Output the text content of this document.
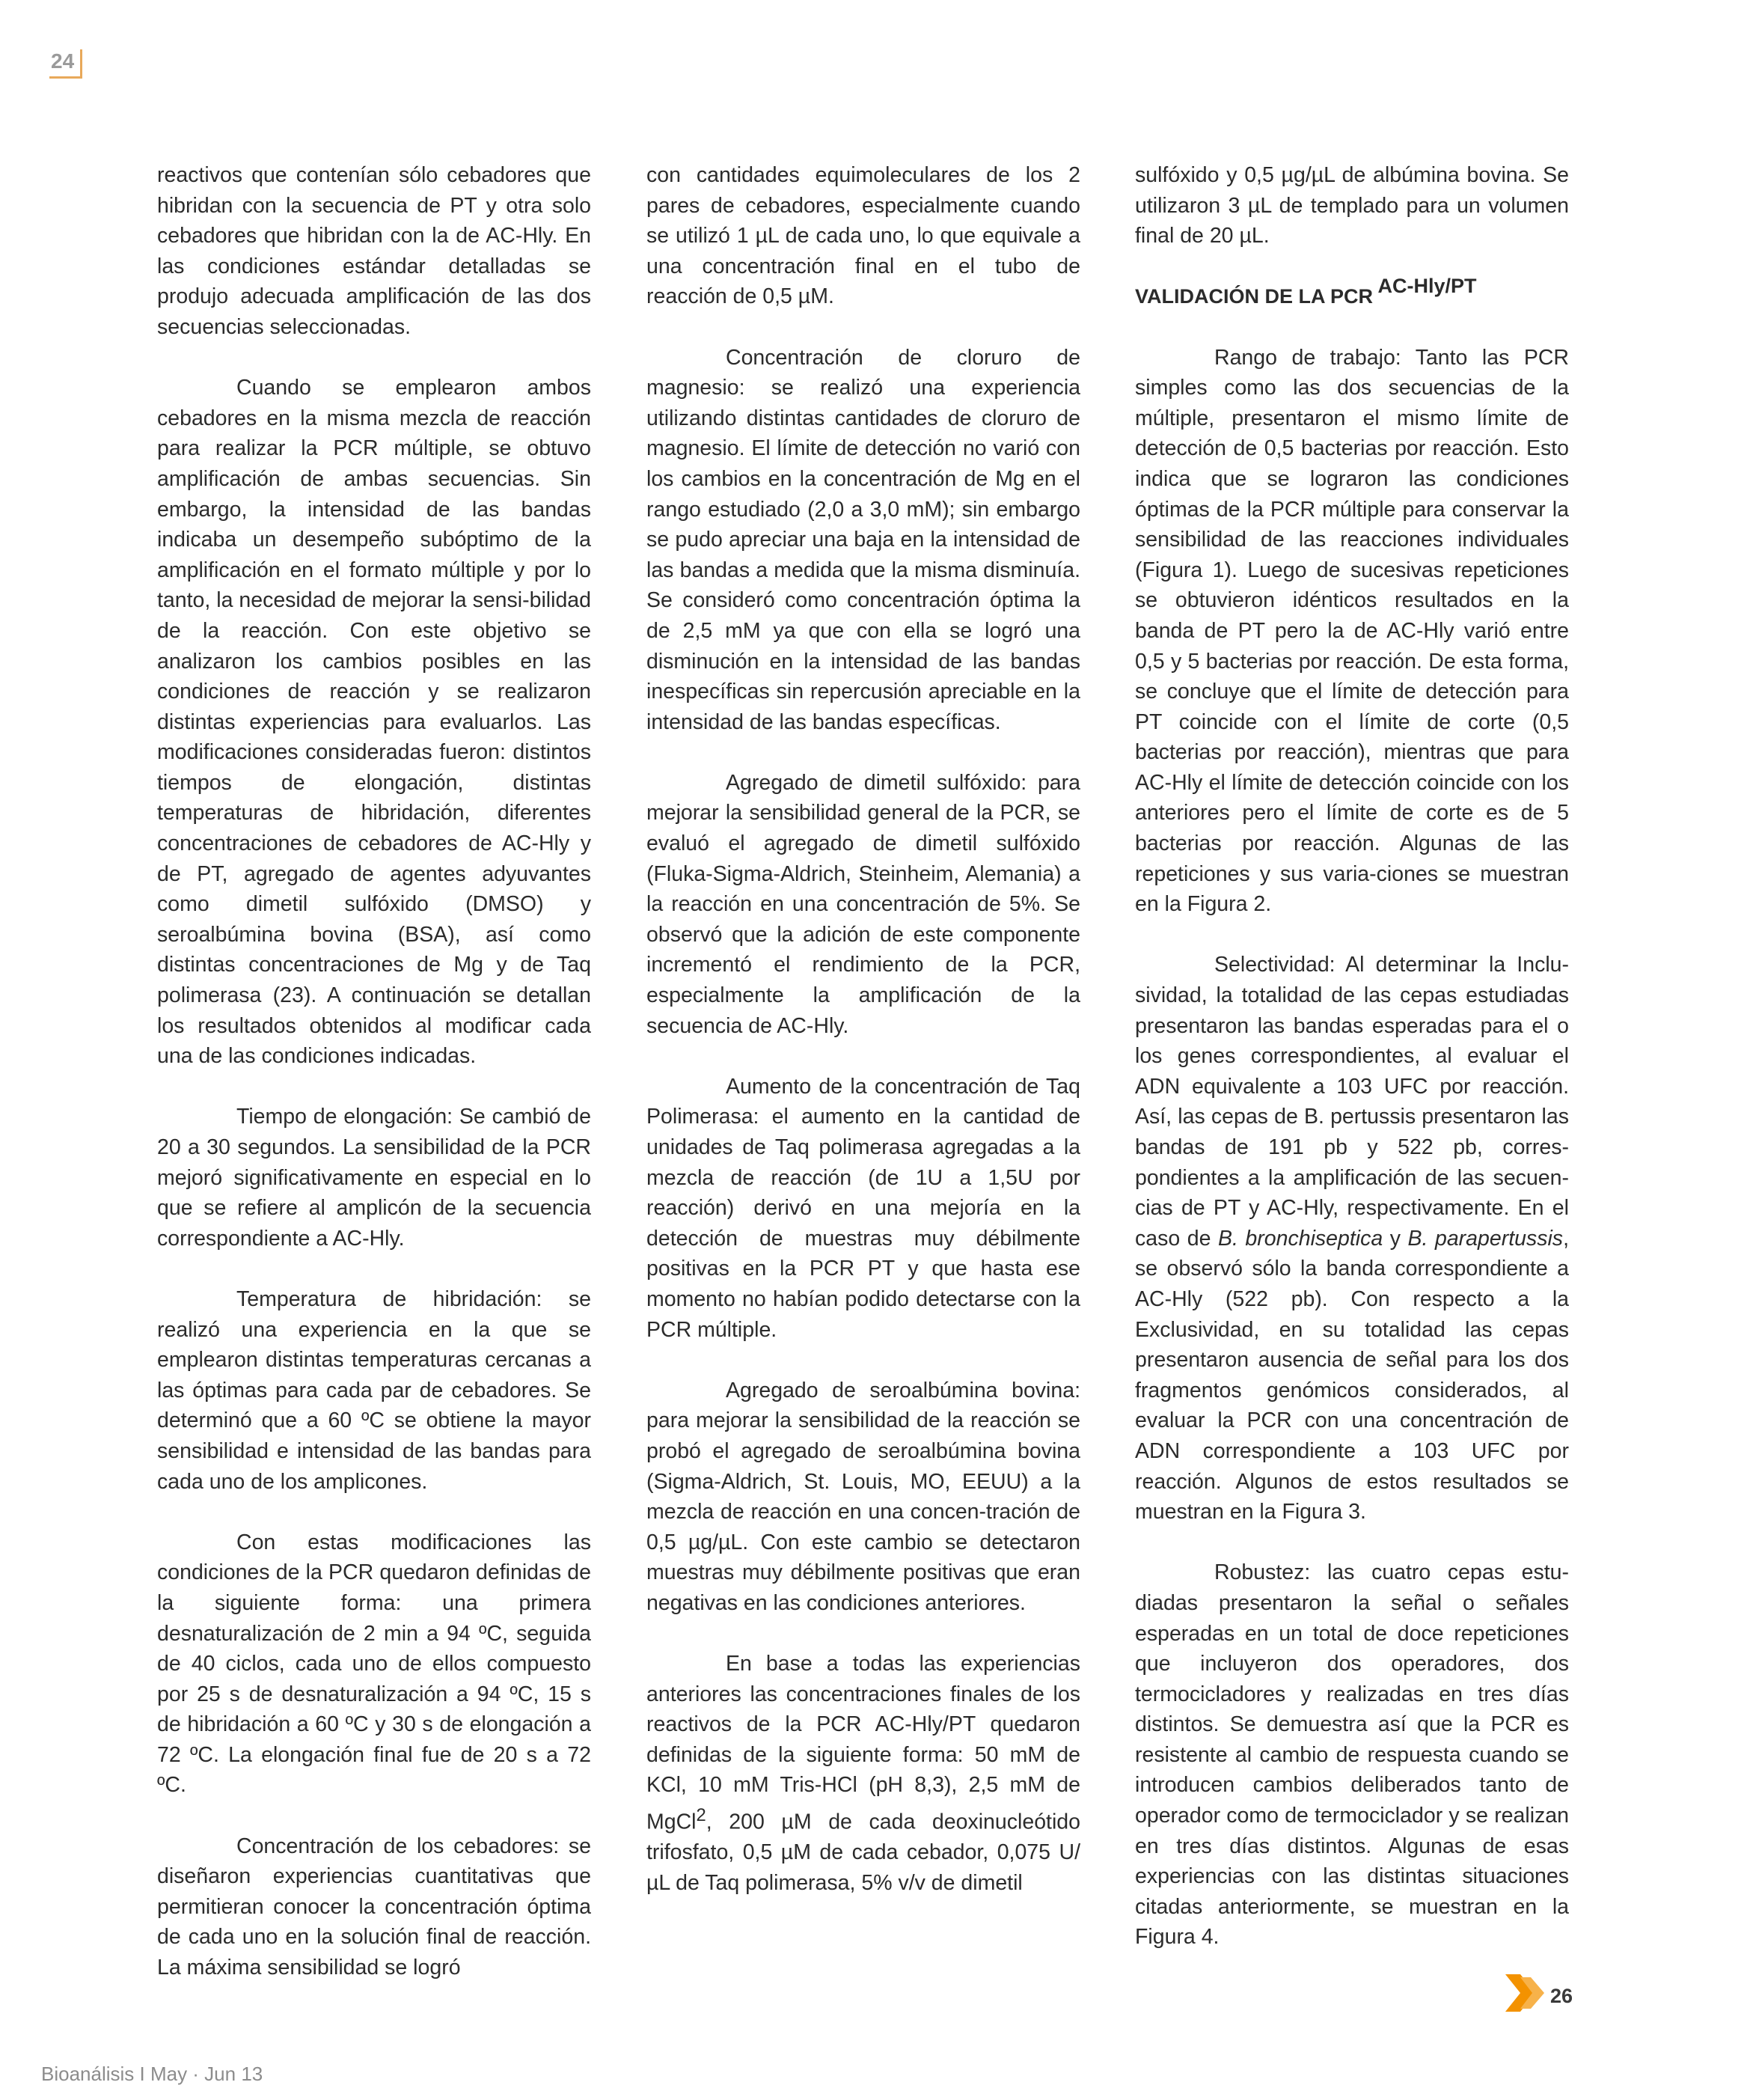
24

reactivos que contenían sólo cebadores que hibridan con la secuencia de PT y otra solo cebadores que hibridan con la de AC-Hly. En las condiciones estándar detalladas se produjo adecuada amplificación de las dos secuencias seleccionadas.

Cuando se emplearon ambos cebadores en la misma mezcla de reacción para realizar la PCR múltiple, se obtuvo amplificación de ambas secuencias. Sin embargo, la intensidad de las bandas indicaba un desempeño subóptimo de la amplificación en el formato múltiple y por lo tanto, la necesidad de mejorar la sensi-bilidad de la reacción. Con este objetivo se analizaron los cambios posibles en las condiciones de reacción y se realizaron distintas experiencias para evaluarlos. Las modificaciones consideradas fueron: distintos tiempos de elongación, distintas temperaturas de hibridación, diferentes concentraciones de cebadores de AC-Hly y de PT, agregado de agentes adyuvantes como dimetil sulfóxido (DMSO) y seroalbúmina bovina (BSA), así como distintas concentraciones de Mg y de Taq polimerasa (23). A continuación se detallan los resultados obtenidos al modificar cada una de las condiciones indicadas.

Tiempo de elongación: Se cambió de 20 a 30 segundos. La sensibilidad de la PCR mejoró significativamente en especial en lo que se refiere al amplicón de la secuencia correspondiente a AC-Hly.

Temperatura de hibridación: se realizó una experiencia en la que se emplearon distintas temperaturas cercanas a las óptimas para cada par de cebadores. Se determinó que a 60 ºC se obtiene la mayor sensibilidad e intensidad de las bandas para cada uno de los amplicones.

Con estas modificaciones las condiciones de la PCR quedaron definidas de la siguiente forma: una primera desnaturalización de 2 min a 94 ºC, seguida de 40 ciclos, cada uno de ellos compuesto por 25 s de desnaturalización a 94 ºC, 15 s de hibridación a 60 ºC y 30 s de elongación a 72 ºC. La elongación final fue de 20 s a 72 ºC.

Concentración de los cebadores: se diseñaron experiencias cuantitativas que permitieran conocer la concentración óptima de cada uno en la solución final de reacción. La máxima sensibilidad se logró

con cantidades equimoleculares de los 2 pares de cebadores, especialmente cuando se utilizó 1 µL de cada uno, lo que equivale a una concentración final en el tubo de reacción de 0,5 µM.

Concentración de cloruro de magnesio: se realizó una experiencia utilizando distintas cantidades de cloruro de magnesio. El límite de detección no varió con los cambios en la concentración de Mg en el rango estudiado (2,0 a 3,0 mM); sin embargo se pudo apreciar una baja en la intensidad de las bandas a medida que la misma disminuía. Se consideró como concentración óptima la de 2,5 mM ya que con ella se logró una disminución en la intensidad de las bandas inespecíficas sin repercusión apreciable en la intensidad de las bandas específicas.

Agregado de dimetil sulfóxido: para mejorar la sensibilidad general de la PCR, se evaluó el agregado de dimetil sulfóxido (Fluka-Sigma-Aldrich, Steinheim, Alemania) a la reacción en una concentración de 5%. Se observó que la adición de este componente incrementó el rendimiento de la PCR, especialmente la amplificación de la secuencia de AC-Hly.

Aumento de la concentración de Taq Polimerasa: el aumento en la cantidad de unidades de Taq polimerasa agregadas a la mezcla de reacción (de 1U a 1,5U por reacción) derivó en una mejoría en la detección de muestras muy débilmente positivas en la PCR PT y que hasta ese momento no habían podido detectarse con la PCR múltiple.

Agregado de seroalbúmina bovina: para mejorar la sensibilidad de la reacción se probó el agregado de seroalbúmina bovina (Sigma-Aldrich, St. Louis, MO, EEUU) a la mezcla de reacción en una concen-tración de 0,5 µg/µL. Con este cambio se detectaron muestras muy débilmente positivas que eran negativas en las condiciones anteriores.

En base a todas las experiencias anteriores las concentraciones finales de los reactivos de la PCR AC-Hly/PT quedaron definidas de la siguiente forma: 50 mM de KCl, 10 mM Tris-HCl (pH 8,3), 2,5 mM de MgCl$^2$, 200 µM de cada deoxinucleótido trifosfato, 0,5 µM de cada cebador, 0,075 U/µL de Taq polimerasa, 5% v/v de dimetil

sulfóxido y 0,5 µg/µL de albúmina bovina. Se utilizaron 3 µL de templado para un volumen final de 20 µL.

VALIDACIÓN DE LA PCR AC-Hly/PT

Rango de trabajo: Tanto las PCR simples como las dos secuencias de la múltiple, presentaron el mismo límite de detección de 0,5 bacterias por reacción. Esto indica que se lograron las condiciones óptimas de la PCR múltiple para conservar la sensibilidad de las reacciones individuales (Figura 1). Luego de sucesivas repeticiones se obtuvieron idénticos resultados en la banda de PT pero la de AC-Hly varió entre 0,5 y 5 bacterias por reacción. De esta forma, se concluye que el límite de detección para PT coincide con el límite de corte (0,5 bacterias por reacción), mientras que para AC-Hly el límite de detección coincide con los anteriores pero el límite de corte es de 5 bacterias por reacción. Algunas de las repeticiones y sus varia-ciones se muestran en la Figura 2.

Selectividad: Al determinar la Inclu-sividad, la totalidad de las cepas estudiadas presentaron las bandas esperadas para el o los genes correspondientes, al evaluar el ADN equivalente a 103 UFC por reacción. Así, las cepas de B. pertussis presentaron las bandas de 191 pb y 522 pb, corres-pondientes a la amplificación de las secuen-cias de PT y AC-Hly, respectivamente. En el caso de B. bronchiseptica y B. parapertussis, se observó sólo la banda correspondiente a AC-Hly (522 pb). Con respecto a la Exclusividad, en su totalidad las cepas presentaron ausencia de señal para los dos fragmentos genómicos considerados, al evaluar la PCR con una concentración de ADN correspondiente a 103 UFC por reacción. Algunos de estos resultados se muestran en la Figura 3.

Robustez: las cuatro cepas estu-diadas presentaron la señal o señales esperadas en un total de doce repeticiones que incluyeron dos operadores, dos termocicladores y realizadas en tres días distintos. Se demuestra así que la PCR es resistente al cambio de respuesta cuando se introducen cambios deliberados tanto de operador como de termociclador y se realizan en tres días distintos. Algunas de esas experiencias con las distintas situaciones citadas anteriormente, se muestran en la Figura 4.

26
Bioanálisis I May · Jun 13
